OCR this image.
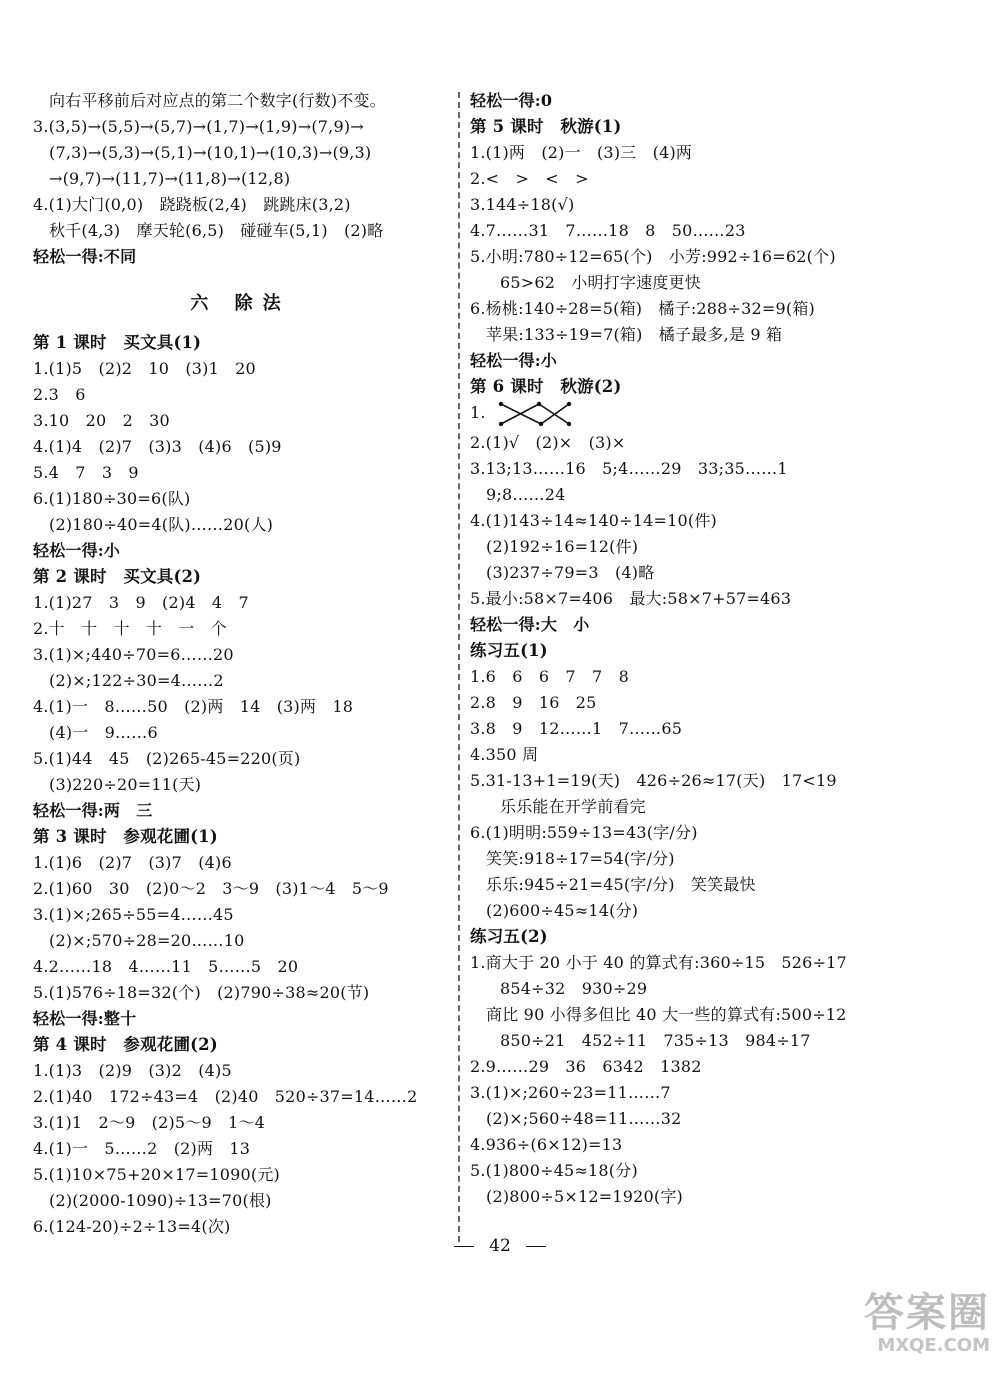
向右平移前后对应点的第二个数字(行数)不变。
3.(3,5)→(5,5)→(5,7)→(1,7)→(1,9)→(7,9)→
(7,3)→(5,3)→(5,1)→(10,1)→(10,3)→(9,3)
→(9,7)→(11,7)→(11,8)→(12,8)
4.(1)大门(0,0)　跷跷板(2,4)　跳跳床(3,2)
秋千(4,3)　摩天轮(6,5)　碰碰车(5,1)　(2)略
轻松一得:不同
六 除法
第 1 课时　买文具(1)
1.(1)5　(2)2　10　(3)1　20
2.3　6
3.10　20　2　30
4.(1)4　(2)7　(3)3　(4)6　(5)9
5.4　7　3　9
6.(1)180÷30=6(队)
(2)180÷40=4(队)……20(人)
轻松一得:小
第 2 课时　买文具(2)
1.(1)27　3　9　(2)4　4　7
2.十　十　十　十　一　个
3.(1)×;440÷70=6……20
(2)×;122÷30=4……2
4.(1)一　8……50　(2)两　14　(3)两　18
(4)一　9……6
5.(1)44　45　(2)265-45=220(页)
(3)220÷20=11(天)
轻松一得:两　三
第 3 课时　参观花圃(1)
1.(1)6　(2)7　(3)7　(4)6
2.(1)60　30　(2)0～2　3～9　(3)1～4　5～9
3.(1)×;265÷55=4……45
(2)×;570÷28=20……10
4.2……18　4……11　5……5　20
5.(1)576÷18=32(个)　(2)790÷38≈20(节)
轻松一得:整十
第 4 课时　参观花圃(2)
1.(1)3　(2)9　(3)2　(4)5
2.(1)40　172÷43=4　(2)40　520÷37=14……2
3.(1)1　2～9　(2)5～9　1～4
4.(1)一　5……2　(2)两　13
5.(1)10×75+20×17=1090(元)
(2)(2000-1090)÷13=70(根)
6.(124-20)÷2÷13=4(次)
轻松一得:0
第 5 课时　秋游(1)
1.(1)两　(2)一　(3)三　(4)两
2.<　>　<　>
3.144÷18(√)
4.7……31　7……18　8　50……23
5.小明:780÷12=65(个)　小芳:992÷16=62(个)
65>62　小明打字速度更快
6.杨桃:140÷28=5(箱)　橘子:288÷32=9(箱)
苹果:133÷19=7(箱)　橘子最多,是 9 箱
轻松一得:小
第 6 课时　秋游(2)
1.
2.(1)√　(2)×　(3)×
3.13;13……16　5;4……29　33;35……1
9;8……24
4.(1)143÷14≈140÷14=10(件)
(2)192÷16=12(件)
(3)237÷79=3　(4)略
5.最小:58×7=406　最大:58×7+57=463
轻松一得:大　小
练习五(1)
1.6　6　6　7　7　8
2.8　9　16　25
3.8　9　12……1　7……65
4.350 周
5.31-13+1=19(天)　426÷26≈17(天)　17<19
乐乐能在开学前看完
6.(1)明明:559÷13=43(字/分)
笑笑:918÷17=54(字/分)
乐乐:945÷21=45(字/分)　笑笑最快
(2)600÷45≈14(分)
练习五(2)
1.商大于 20 小于 40 的算式有:360÷15　526÷17
854÷32　930÷29
商比 90 小得多但比 40 大一些的算式有:500÷12
850÷21　452÷11　735÷13　984÷17
2.9……29　36　6342　1382
3.(1)×;260÷23=11……7
(2)×;560÷48=11……32
4.936÷(6×12)=13
5.(1)800÷45≈18(分)
(2)800÷5×12=1920(字)
42
答案圈
MXQE.COM
